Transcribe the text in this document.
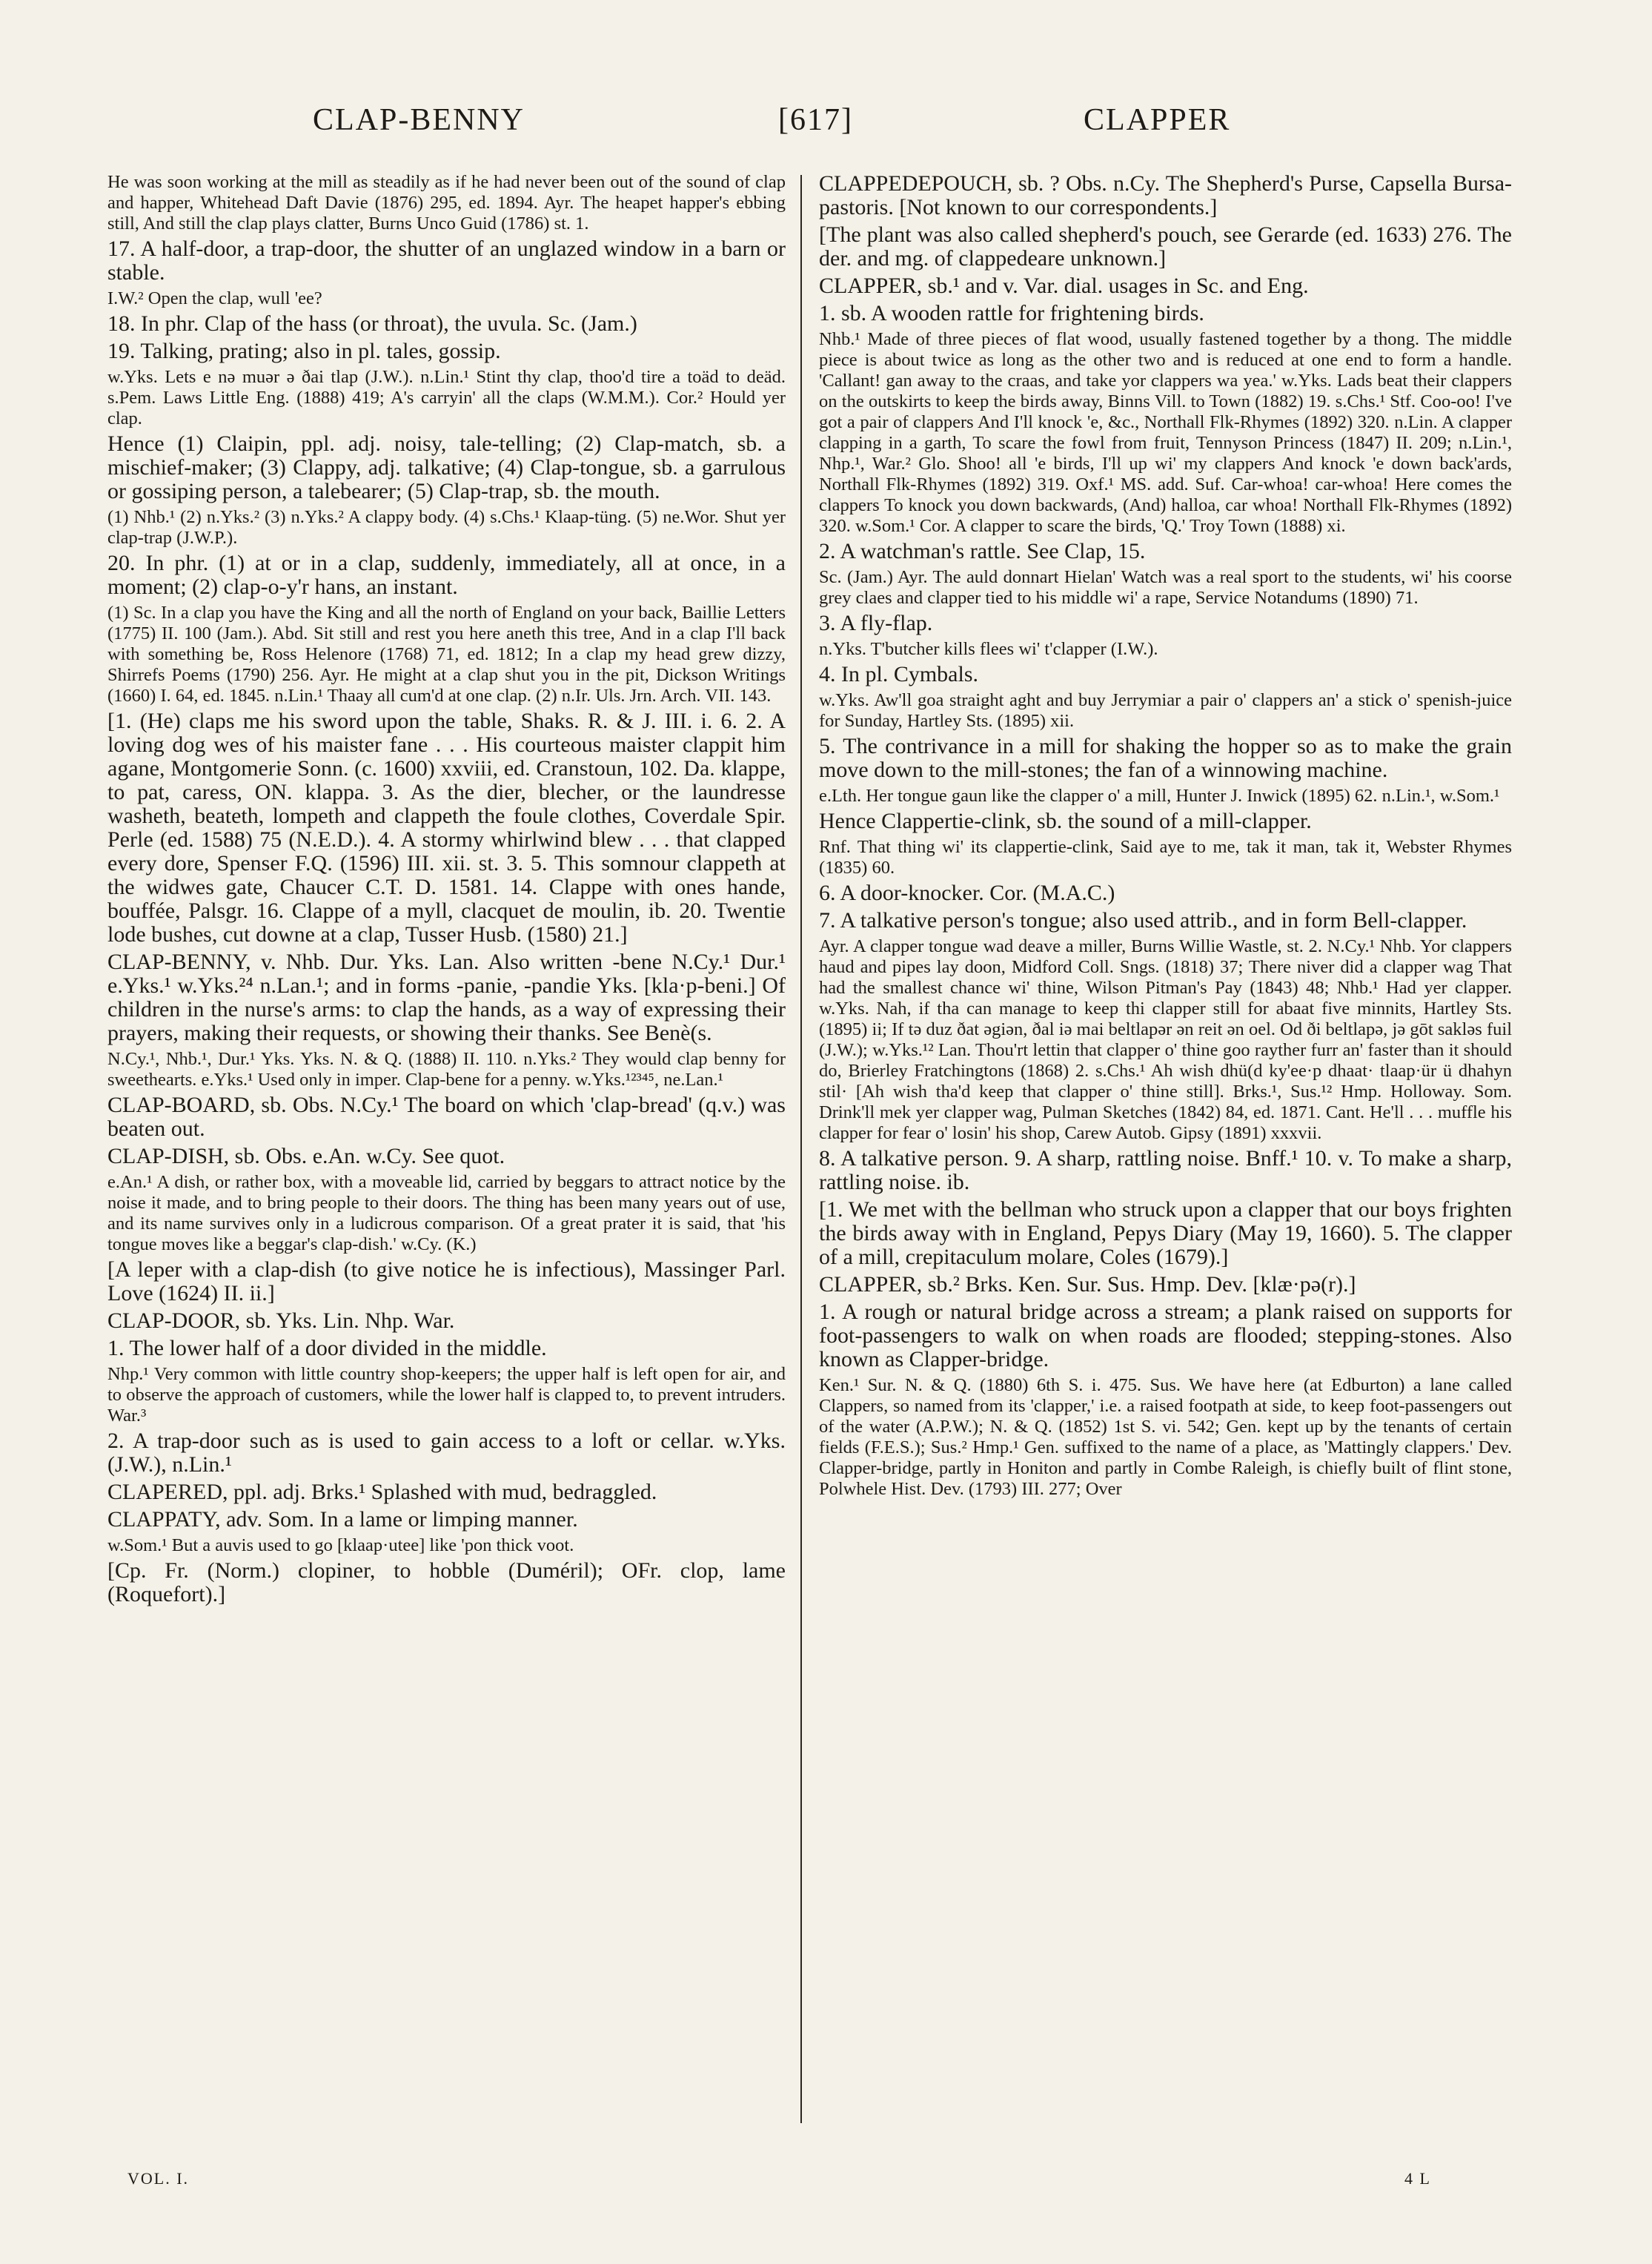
CLAP-BENNY	[617]	CLAPPER

He was soon working at the mill as steadily as if he had never been out of the sound of clap and happer, Whitehead Daft Davie (1876) 295, ed. 1894. Ayr. The heapet happer's ebbing still, And still the clap plays clatter, Burns Unco Guid (1786) st. 1.

17. A half-door, a trap-door, the shutter of an unglazed window in a barn or stable.

I.W.² Open the clap, wull 'ee?

18. In phr. Clap of the hass (or throat), the uvula. Sc. (Jam.)

19. Talking, prating; also in pl. tales, gossip.

w.Yks. Lets e nə muər ə ðai tlap (J.W.). n.Lin.¹ Stint thy clap, thoo'd tire a toäd to deäd. s.Pem. Laws Little Eng. (1888) 419; A's carryin' all the claps (W.M.M.). Cor.² Hould yer clap.

Hence (1) Claipin, ppl. adj. noisy, tale-telling; (2) Clap-match, sb. a mischief-maker; (3) Clappy, adj. talkative; (4) Clap-tongue, sb. a garrulous or gossiping person, a talebearer; (5) Clap-trap, sb. the mouth.

(1) Nhb.¹ (2) n.Yks.² (3) n.Yks.² A clappy body. (4) s.Chs.¹ Klaap-tüng. (5) ne.Wor. Shut yer clap-trap (J.W.P.).

20. In phr. (1) at or in a clap, suddenly, immediately, all at once, in a moment; (2) clap-o-y'r hans, an instant.

(1) Sc. In a clap you have the King and all the north of England on your back, Baillie Letters (1775) II. 100 (Jam.). Abd. Sit still and rest you here aneth this tree, And in a clap I'll back with something be, Ross Helenore (1768) 71, ed. 1812; In a clap my head grew dizzy, Shirrefs Poems (1790) 256. Ayr. He might at a clap shut you in the pit, Dickson Writings (1660) I. 64, ed. 1845. n.Lin.¹ Thaay all cum'd at one clap. (2) n.Ir. Uls. Jrn. Arch. VII. 143.

[1. (He) claps me his sword upon the table, Shaks. R. & J. III. i. 6. 2. A loving dog wes of his maister fane . . . His courteous maister clappit him agane, Montgomerie Sonn. (c. 1600) xxviii, ed. Cranstoun, 102. Da. klappe, to pat, caress, ON. klappa. 3. As the dier, blecher, or the laundresse washeth, beateth, lompeth and clappeth the foule clothes, Coverdale Spir. Perle (ed. 1588) 75 (N.E.D.). 4. A stormy whirlwind blew . . . that clapped every dore, Spenser F.Q. (1596) III. xii. st. 3. 5. This somnour clappeth at the widwes gate, Chaucer C.T. D. 1581. 14. Clappe with ones hande, bouffée, Palsgr. 16. Clappe of a myll, clacquet de moulin, ib. 20. Twentie lode bushes, cut downe at a clap, Tusser Husb. (1580) 21.]

CLAP-BENNY, v. Nhb. Dur. Yks. Lan. Also written -bene N.Cy.¹ Dur.¹ e.Yks.¹ w.Yks.²⁴ n.Lan.¹; and in forms -panie, -pandie Yks. [kla·p-beni.] Of children in the nurse's arms: to clap the hands, as a way of expressing their prayers, making their requests, or showing their thanks. See Benè(s.

N.Cy.¹, Nhb.¹, Dur.¹ Yks. Yks. N. & Q. (1888) II. 110. n.Yks.² They would clap benny for sweethearts. e.Yks.¹ Used only in imper. Clap-bene for a penny. w.Yks.¹²³⁴⁵, ne.Lan.¹

CLAP-BOARD, sb. Obs. N.Cy.¹ The board on which 'clap-bread' (q.v.) was beaten out.

CLAP-DISH, sb. Obs. e.An. w.Cy. See quot.

e.An.¹ A dish, or rather box, with a moveable lid, carried by beggars to attract notice by the noise it made, and to bring people to their doors. The thing has been many years out of use, and its name survives only in a ludicrous comparison. Of a great prater it is said, that 'his tongue moves like a beggar's clap-dish.' w.Cy. (K.)

[A leper with a clap-dish (to give notice he is infectious), Massinger Parl. Love (1624) II. ii.]

CLAP-DOOR, sb. Yks. Lin. Nhp. War.

1. The lower half of a door divided in the middle.

Nhp.¹ Very common with little country shop-keepers; the upper half is left open for air, and to observe the approach of customers, while the lower half is clapped to, to prevent intruders. War.³

2. A trap-door such as is used to gain access to a loft or cellar. w.Yks. (J.W.), n.Lin.¹

CLAPERED, ppl. adj. Brks.¹ Splashed with mud, bedraggled.

CLAPPATY, adv. Som. In a lame or limping manner.

w.Som.¹ But a auvis used to go [klaap·utee] like 'pon thick voot.

[Cp. Fr. (Norm.) clopiner, to hobble (Duméril); OFr. clop, lame (Roquefort).]

CLAPPEDEPOUCH, sb. ? Obs. n.Cy. The Shepherd's Purse, Capsella Bursa-pastoris. [Not known to our correspondents.]

[The plant was also called shepherd's pouch, see Gerarde (ed. 1633) 276. The der. and mg. of clappedeare unknown.]

CLAPPER, sb.¹ and v. Var. dial. usages in Sc. and Eng.

1. sb. A wooden rattle for frightening birds.

Nhb.¹ Made of three pieces of flat wood, usually fastened together by a thong. The middle piece is about twice as long as the other two and is reduced at one end to form a handle. 'Callant! gan away to the craas, and take yor clappers wa yea.' w.Yks. Lads beat their clappers on the outskirts to keep the birds away, Binns Vill. to Town (1882) 19. s.Chs.¹ Stf. Coo-oo! I've got a pair of clappers And I'll knock 'e, &c., Northall Flk-Rhymes (1892) 320. n.Lin. A clapper clapping in a garth, To scare the fowl from fruit, Tennyson Princess (1847) II. 209; n.Lin.¹, Nhp.¹, War.² Glo. Shoo! all 'e birds, I'll up wi' my clappers And knock 'e down back'ards, Northall Flk-Rhymes (1892) 319. Oxf.¹ MS. add. Suf. Car-whoa! car-whoa! Here comes the clappers To knock you down backwards, (And) halloa, car whoa! Northall Flk-Rhymes (1892) 320. w.Som.¹ Cor. A clapper to scare the birds, 'Q.' Troy Town (1888) xi.

2. A watchman's rattle. See Clap, 15.

Sc. (Jam.) Ayr. The auld donnart Hielan' Watch was a real sport to the students, wi' his coorse grey claes and clapper tied to his middle wi' a rape, Service Notandums (1890) 71.

3. A fly-flap.

n.Yks. T'butcher kills flees wi' t'clapper (I.W.).

4. In pl. Cymbals.

w.Yks. Aw'll goa straight aght and buy Jerrymiar a pair o' clappers an' a stick o' spenish-juice for Sunday, Hartley Sts. (1895) xii.

5. The contrivance in a mill for shaking the hopper so as to make the grain move down to the mill-stones; the fan of a winnowing machine.

e.Lth. Her tongue gaun like the clapper o' a mill, Hunter J. Inwick (1895) 62. n.Lin.¹, w.Som.¹

Hence Clappertie-clink, sb. the sound of a mill-clapper.

Rnf. That thing wi' its clappertie-clink, Said aye to me, tak it man, tak it, Webster Rhymes (1835) 60.

6. A door-knocker. Cor. (M.A.C.)

7. A talkative person's tongue; also used attrib., and in form Bell-clapper.

Ayr. A clapper tongue wad deave a miller, Burns Willie Wastle, st. 2. N.Cy.¹ Nhb. Yor clappers haud and pipes lay doon, Midford Coll. Sngs. (1818) 37; There niver did a clapper wag That had the smallest chance wi' thine, Wilson Pitman's Pay (1843) 48; Nhb.¹ Had yer clapper. w.Yks. Nah, if tha can manage to keep thi clapper still for abaat five minnits, Hartley Sts. (1895) ii; If tə duz ðat əgiən, ðal iə mai beltlapər ən reit ən oel. Od ði beltlapə, jə gōt sakləs fuil (J.W.); w.Yks.¹² Lan. Thou'rt lettin that clapper o' thine goo rayther furr an' faster than it should do, Brierley Fratchingtons (1868) 2. s.Chs.¹ Ah wish dhü(d ky'ee·p dhaat· tlaap·ür ü dhahyn stil· [Ah wish tha'd keep that clapper o' thine still]. Brks.¹, Sus.¹² Hmp. Holloway. Som. Drink'll mek yer clapper wag, Pulman Sketches (1842) 84, ed. 1871. Cant. He'll . . . muffle his clapper for fear o' losin' his shop, Carew Autob. Gipsy (1891) xxxvii.

8. A talkative person. 9. A sharp, rattling noise. Bnff.¹ 10. v. To make a sharp, rattling noise. ib.

[1. We met with the bellman who struck upon a clapper that our boys frighten the birds away with in England, Pepys Diary (May 19, 1660). 5. The clapper of a mill, crepitaculum molare, Coles (1679).]

CLAPPER, sb.² Brks. Ken. Sur. Sus. Hmp. Dev. [klæ·pə(r).]

1. A rough or natural bridge across a stream; a plank raised on supports for foot-passengers to walk on when roads are flooded; stepping-stones. Also known as Clapper-bridge.

Ken.¹ Sur. N. & Q. (1880) 6th S. i. 475. Sus. We have here (at Edburton) a lane called Clappers, so named from its 'clapper,' i.e. a raised footpath at side, to keep foot-passengers out of the water (A.P.W.); N. & Q. (1852) 1st S. vi. 542; Gen. kept up by the tenants of certain fields (F.E.S.); Sus.² Hmp.¹ Gen. suffixed to the name of a place, as 'Mattingly clappers.' Dev. Clapper-bridge, partly in Honiton and partly in Combe Raleigh, is chiefly built of flint stone, Polwhele Hist. Dev. (1793) III. 277; Over

VOL. I.	4 L
